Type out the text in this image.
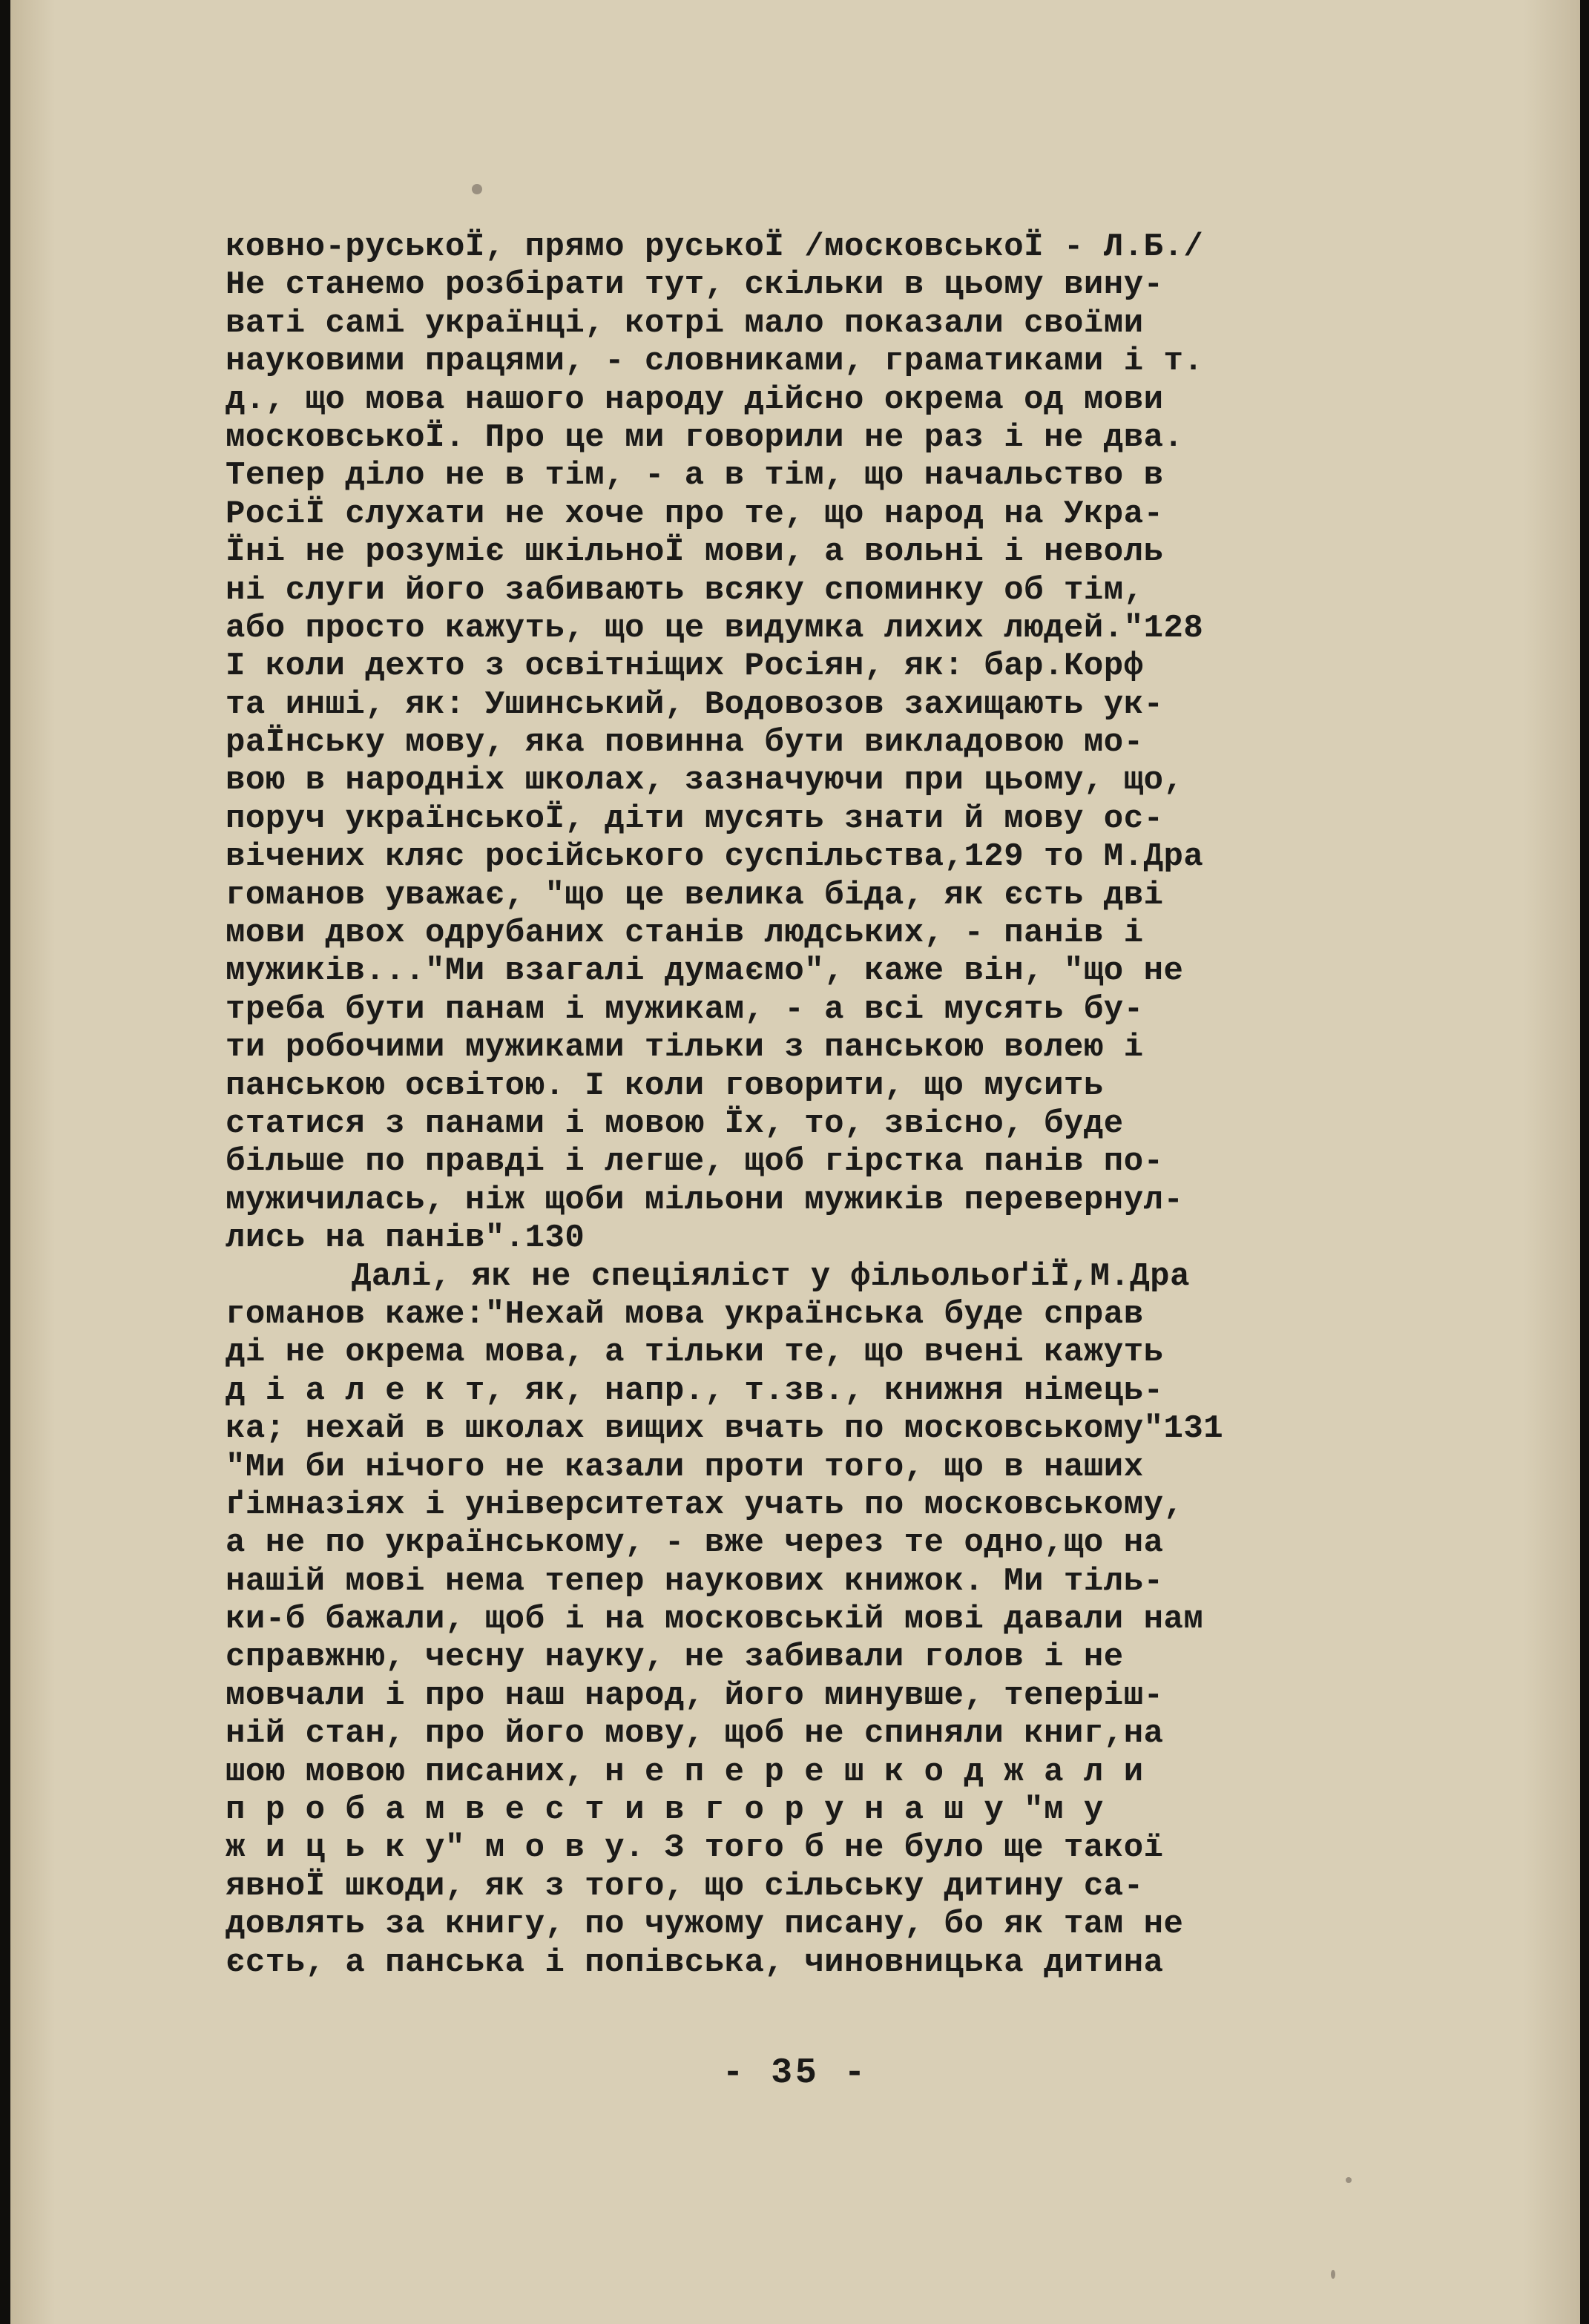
ковно-руськоЇ, прямо руськоЇ /московськоЇ - Л.Б./
Не станемо розбірати тут, скільки в цьому вину-
ваті самі українці, котрі мало показали своїми
науковими працями, - словниками, граматиками і т.
д., що мова нашого народу дійсно окрема од мови
московськоЇ. Про це ми говорили не раз і не два.
Тепер діло не в тім, - а в тім, що начальство в
РосіЇ слухати не хоче про те, що народ на Укра-
Їні не розуміє шкільноЇ мови, а вольні і неволь
ні слуги його забивають всяку споминку об тім,
або просто кажуть, що це видумка лихих людей."128
І коли дехто з освітніщих Росіян, як: бар.Корф
та инші, як: Ушинський, Водовозов захищають ук-
раЇнську мову, яка повинна бути викладовою мо-
вою в народніх школах, зазначуючи при цьому, що,
поруч українськоЇ, діти мусять знати й мову ос-
вічених кляс російського суспільства,129 то М.Дра
гоманов уважає, "що це велика біда, як єсть дві
мови двох одрубаних станів людських, - панів і
мужиків..."Ми взагалі думаємо", каже він, "що не
треба бути панам і мужикам, - а всі мусять бу-
ти робочими мужиками тільки з панською волею і
панською освітою. І коли говорити, що мусить
статися з панами і мовою Їх, то, звісно, буде
більше по правді і легше, щоб гірстка панів по-
мужичилась, ніж щоби мільони мужиків перевернул-
лись на панів".130
Далі, як не спеціяліст у фільольоґіЇ,М.Дра
гоманов каже:"Нехай мова українська буде справ
ді не окрема мова, а тільки те, що вчені кажуть
д і а л е к т, як, напр., т.зв., книжня німець-
ка; нехай в школах вищих вчать по московському"131
"Ми би нічого не казали проти того, що в наших
ґімназіях і університетах учать по московському,
а не по українському, - вже через те одно,що на
нашій мові нема тепер наукових книжок. Ми тіль-
ки-б бажали, щоб і на московській мові давали нам
справжню, чесну науку, не забивали голов і не
мовчали і про наш народ, його минувше, теперіш-
ній стан, про його мову, щоб не спиняли книг,на
шою мовою писаних, н е п е р е ш к о д ж а л и
п р о б а м в е с т и в г о р у н а ш у "м у
ж и ц ь к у" м о в у. З того б не було ще такої
явноЇ шкоди, як з того, що сільську дитину са-
довлять за книгу, по чужому писану, бо як там не
єсть, а панська і попівська, чиновницька дитина
- 35 -
